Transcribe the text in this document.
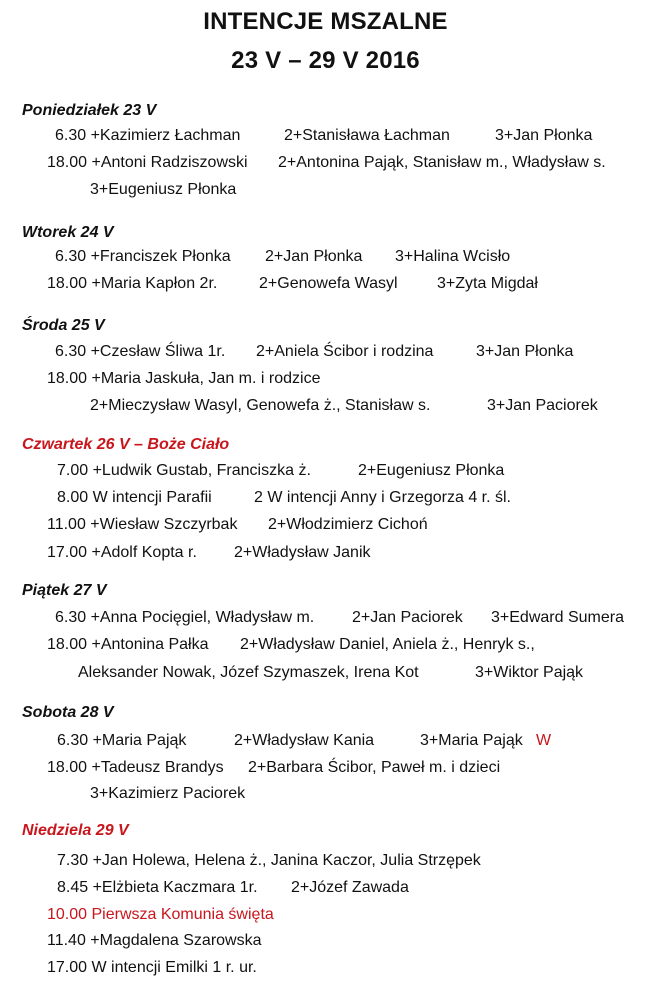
INTENCJE MSZALNE
23 V – 29 V 2016
Poniedziałek 23 V
6.30 +Kazimierz Łachman	2+Stanisława Łachman	3+Jan Płonka
18.00 +Antoni Radziszowski 2+Antonina Pająk, Stanisław m., Władysław s.
3+Eugeniusz Płonka
Wtorek 24 V
6.30 +Franciszek Płonka 2+Jan Płonka 3+Halina Wcisło
18.00 +Maria Kapłon 2r.	2+Genowefa Wasyl 3+Zyta Migdał
Środa 25 V
6.30 +Czesław Śliwa 1r. 2+Aniela Ścibor i rodzina	3+Jan Płonka
18.00 +Maria Jaskuła, Jan m. i rodzice
2+Mieczysław Wasyl, Genowefa ż., Stanisław s.	3+Jan Paciorek
Czwartek 26 V – Boże Ciało
7.00 +Ludwik Gustab, Franciszka ż.	2+Eugeniusz Płonka
8.00 W intencji Parafii	2 W intencji Anny i Grzegorza 4 r. śl.
11.00 +Wiesław Szczyrbak 2+Włodzimierz Cichoń
17.00 +Adolf Kopta r. 2+Władysław Janik
Piątek 27 V
6.30 +Anna Pocięgiel, Władysław m. 2+Jan Paciorek 3+Edward Sumera
18.00 +Antonina Pałka 2+Władysław Daniel, Aniela ż., Henryk s.,
Aleksander Nowak, Józef Szymaszek, Irena Kot	3+Wiktor Pająk
Sobota 28 V
6.30 +Maria Pająk	2+Władysław Kania	3+Maria Pająk W
18.00 +Tadeusz Brandys 2+Barbara Ścibor, Paweł m. i dzieci
3+Kazimierz Paciorek
Niedziela 29 V
7.30 +Jan Holewa, Helena ż., Janina Kaczor, Julia Strzępek
8.45 +Elżbieta Kaczmarа 1r. 2+Józef Zawada
10.00 Pierwsza Komunia święta
11.40 +Magdalena Szarowska
17.00 W intencji Emilki 1 r. ur.
